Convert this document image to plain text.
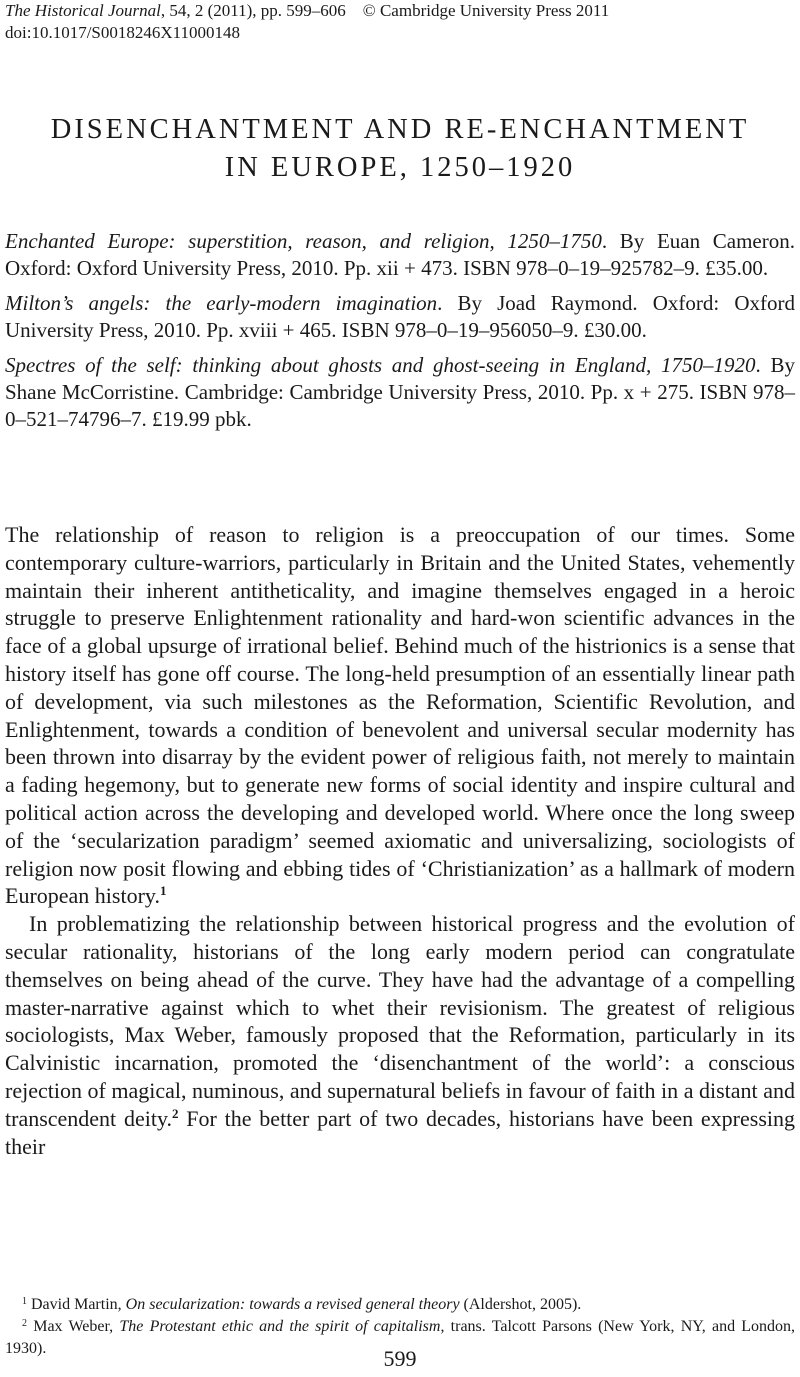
The Historical Journal, 54, 2 (2011), pp. 599–606 © Cambridge University Press 2011
doi:10.1017/S0018246X11000148
DISENCHANTMENT AND RE-ENCHANTMENT
IN EUROPE, 1250–1920

Enchanted Europe: superstition, reason, and religion, 1250–1750. By Euan Cameron. Oxford: Oxford University Press, 2010. Pp. xii + 473. ISBN 978–0–19–925782–9. £35.00.

Milton’s angels: the early-modern imagination. By Joad Raymond. Oxford: Oxford University Press, 2010. Pp. xviii + 465. ISBN 978–0–19–956050–9. £30.00.

Spectres of the self: thinking about ghosts and ghost-seeing in England, 1750–1920. By Shane McCorristine. Cambridge: Cambridge University Press, 2010. Pp. x + 275. ISBN 978–0–521–74796–7. £19.99 pbk.

The relationship of reason to religion is a preoccupation of our times. Some contemporary culture-warriors, particularly in Britain and the United States, vehemently maintain their inherent antitheticality, and imagine themselves engaged in a heroic struggle to preserve Enlightenment rationality and hard-won scientific advances in the face of a global upsurge of irrational belief. Behind much of the histrionics is a sense that history itself has gone off course. The long-held presumption of an essentially linear path of development, via such milestones as the Reformation, Scientific Revolution, and Enlightenment, towards a condition of benevolent and universal secular modernity has been thrown into disarray by the evident power of religious faith, not merely to maintain a fading hegemony, but to generate new forms of social identity and inspire cultural and political action across the developing and developed world. Where once the long sweep of the ‘secularization paradigm’ seemed axiomatic and universalizing, sociologists of religion now posit flowing and ebbing tides of ‘Christianization’ as a hallmark of modern European history.$^1$

In problematizing the relationship between historical progress and the evolution of secular rationality, historians of the long early modern period can congratulate themselves on being ahead of the curve. They have had the advantage of a compelling master-narrative against which to whet their revisionism. The greatest of religious sociologists, Max Weber, famously proposed that the Reformation, particularly in its Calvinistic incarnation, promoted the ‘disenchantment of the world’: a conscious rejection of magical, numinous, and supernatural beliefs in favour of faith in a distant and transcendent deity.$^2$ For the better part of two decades, historians have been expressing their

$^1$ David Martin, On secularization: towards a revised general theory (Aldershot, 2005).

$^2$ Max Weber, The Protestant ethic and the spirit of capitalism, trans. Talcott Parsons (New York, NY, and London, 1930).	599
